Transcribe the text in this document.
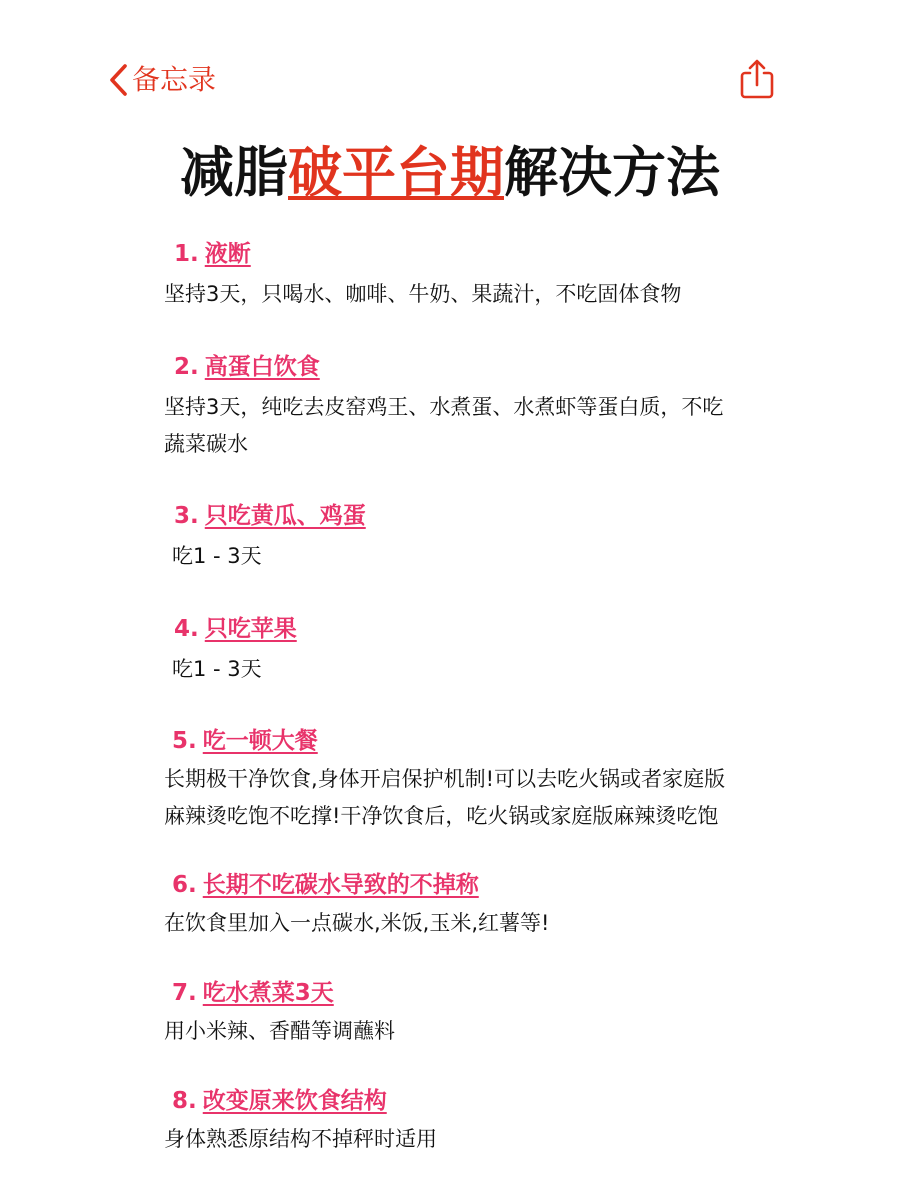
备忘录
减脂破平台期解决方法
1. 液断
坚持3天，只喝水、咖啡、牛奶、果蔬汁，不吃固体食物
2. 高蛋白饮食
坚持3天，纯吃去皮窑鸡王、水煮蛋、水煮虾等蛋白质，不吃
蔬菜碳水
3. 只吃黄瓜、鸡蛋
吃1 - 3天
4. 只吃苹果
吃1 - 3天
5. 吃一顿大餐
长期极干净饮食,身体开启保护机制!可以去吃火锅或者家庭版
麻辣烫吃饱不吃撑!干净饮食后，吃火锅或家庭版麻辣烫吃饱
6. 长期不吃碳水导致的不掉称
在饮食里加入一点碳水,米饭,玉米,红薯等!
7. 吃水煮菜3天
用小米辣、香醋等调蘸料
8. 改变原来饮食结构
身体熟悉原结构不掉秤时适用
